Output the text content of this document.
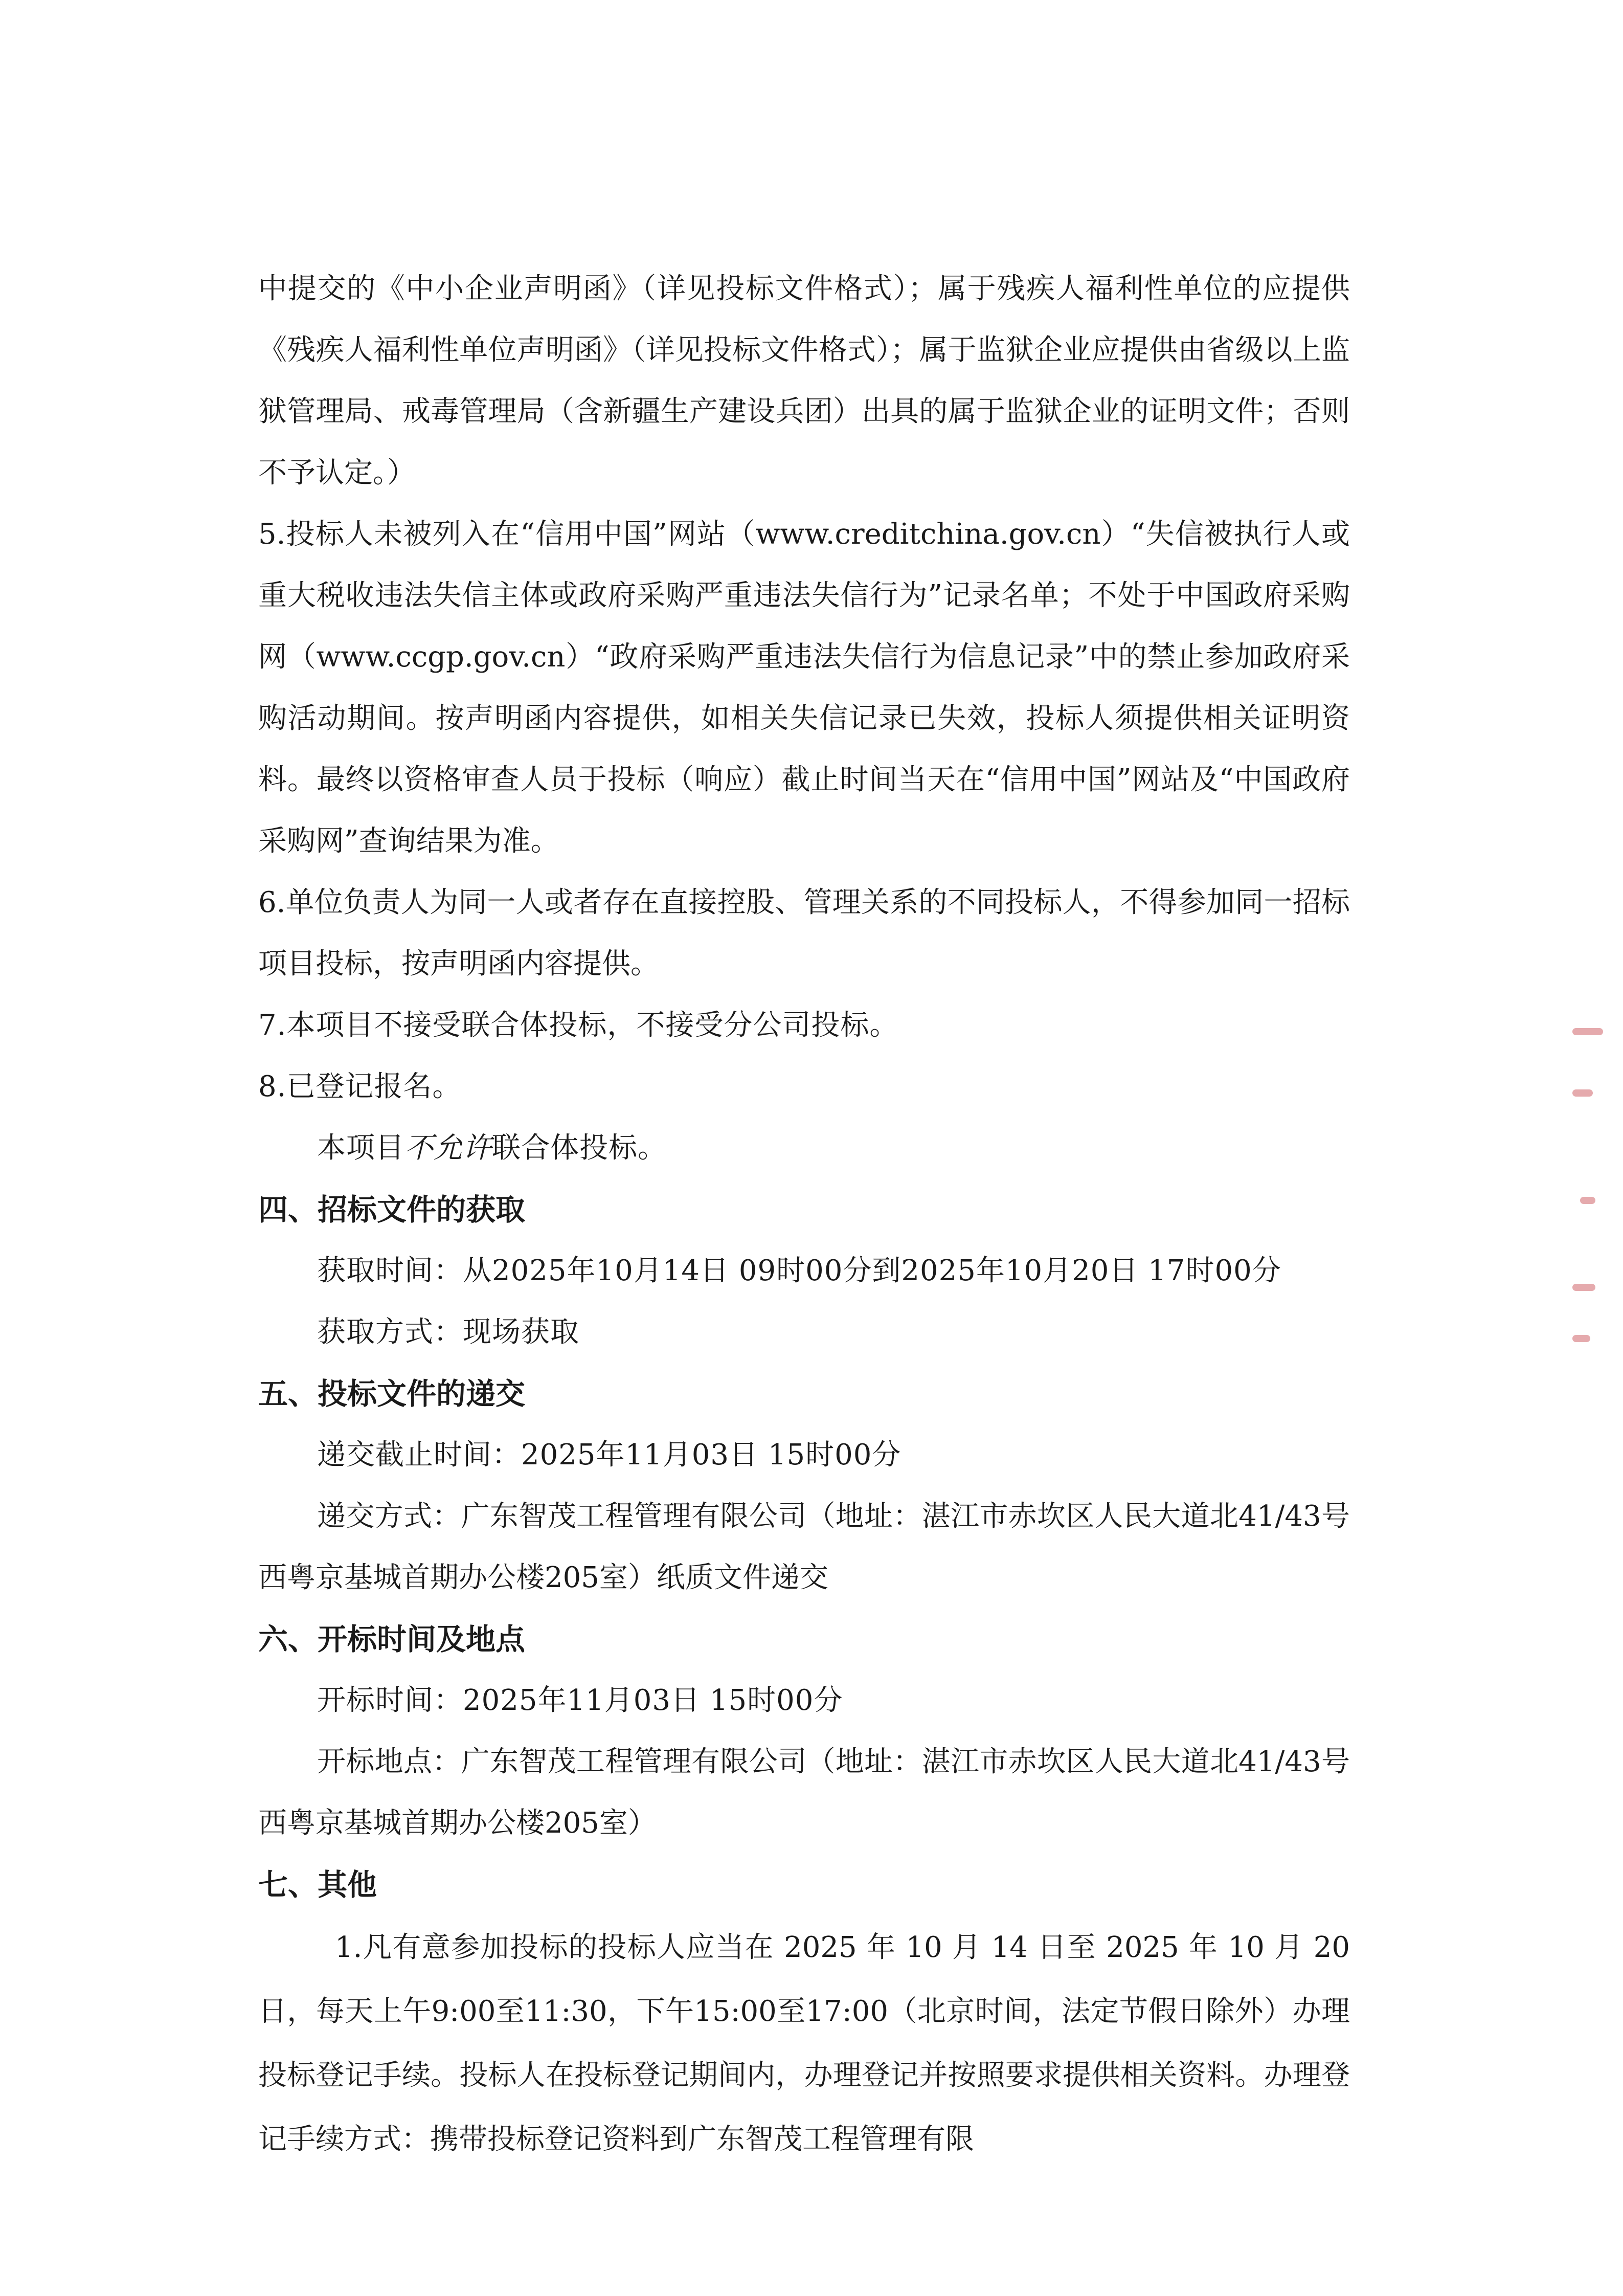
中提交的《中小企业声明函》（详见投标文件格式）；属于残疾人福利性单位的应提供《残疾人福利性单位声明函》（详见投标文件格式）；属于监狱企业应提供由省级以上监狱管理局、戒毒管理局（含新疆生产建设兵团）出具的属于监狱企业的证明文件；否则不予认定。）
5.投标人未被列入在“信用中国”网站（www.creditchina.gov.cn）“失信被执行人或重大税收违法失信主体或政府采购严重违法失信行为”记录名单；不处于中国政府采购网（www.ccgp.gov.cn）“政府采购严重违法失信行为信息记录”中的禁止参加政府采购活动期间。按声明函内容提供，如相关失信记录已失效，投标人须提供相关证明资料。最终以资格审查人员于投标（响应）截止时间当天在“信用中国”网站及“中国政府采购网”查询结果为准。
6.单位负责人为同一人或者存在直接控股、管理关系的不同投标人，不得参加同一招标项目投标，按声明函内容提供。
7.本项目不接受联合体投标，不接受分公司投标。
8.已登记报名。
本项目不允许联合体投标。
四、招标文件的获取
获取时间：从2025年10月14日 09时00分到2025年10月20日 17时00分
获取方式：现场获取
五、投标文件的递交
递交截止时间：2025年11月03日 15时00分
递交方式：广东智茂工程管理有限公司（地址：湛江市赤坎区人民大道北41/43号西粤京基城首期办公楼205室）纸质文件递交
六、开标时间及地点
开标时间：2025年11月03日 15时00分
开标地点：广东智茂工程管理有限公司（地址：湛江市赤坎区人民大道北41/43号西粤京基城首期办公楼205室）
七、其他
1.凡有意参加投标的投标人应当在 2025 年 10 月 14 日至 2025 年 10 月 20 日，每天上午9:00至11:30，下午15:00至17:00（北京时间，法定节假日除外）办理投标登记手续。投标人在投标登记期间内，办理登记并按照要求提供相关资料。办理登记手续方式：携带投标登记资料到广东智茂工程管理有限
